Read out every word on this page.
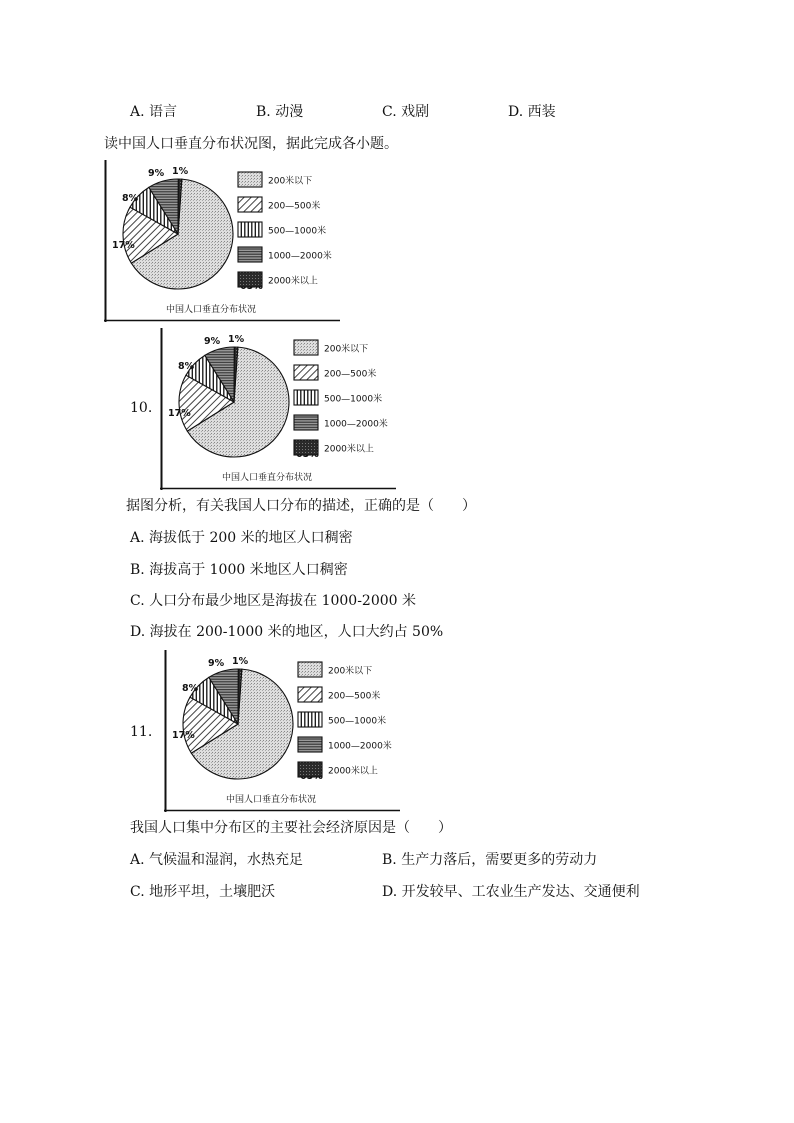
A. 语言	B. 动漫	C. 戏剧	D. 西装
读中国人口垂直分布状况图，据此完成各小题。
17%
8%
9% 1%
200米以下
200—500米
500—1000米
1000—2000米
2000米以上
中国人口垂直分布状况
10. 17%
8%
9% 1%
200米以下
200—500米
500—1000米
1000—2000米
2000米以上
中国人口垂直分布状况
据图分析，有关我国人口分布的描述，正确的是（　　）
A. 海拔低于 200 米的地区人口稠密
B. 海拔高于 1000 米地区人口稠密
C. 人口分布最少地区是海拔在 1000-2000 米
D. 海拔在 200-1000 米的地区，人口大约占 50%
11. 17%
8%
9% 1%
200米以下
200—500米
500—1000米
1000—2000米
2000米以上
中国人口垂直分布状况
我国人口集中分布区的主要社会经济原因是（　　）
A. 气候温和湿润，水热充足	B. 生产力落后，需要更多的劳动力
C. 地形平坦，土壤肥沃	D. 开发较早、工农业生产发达、交通便利
